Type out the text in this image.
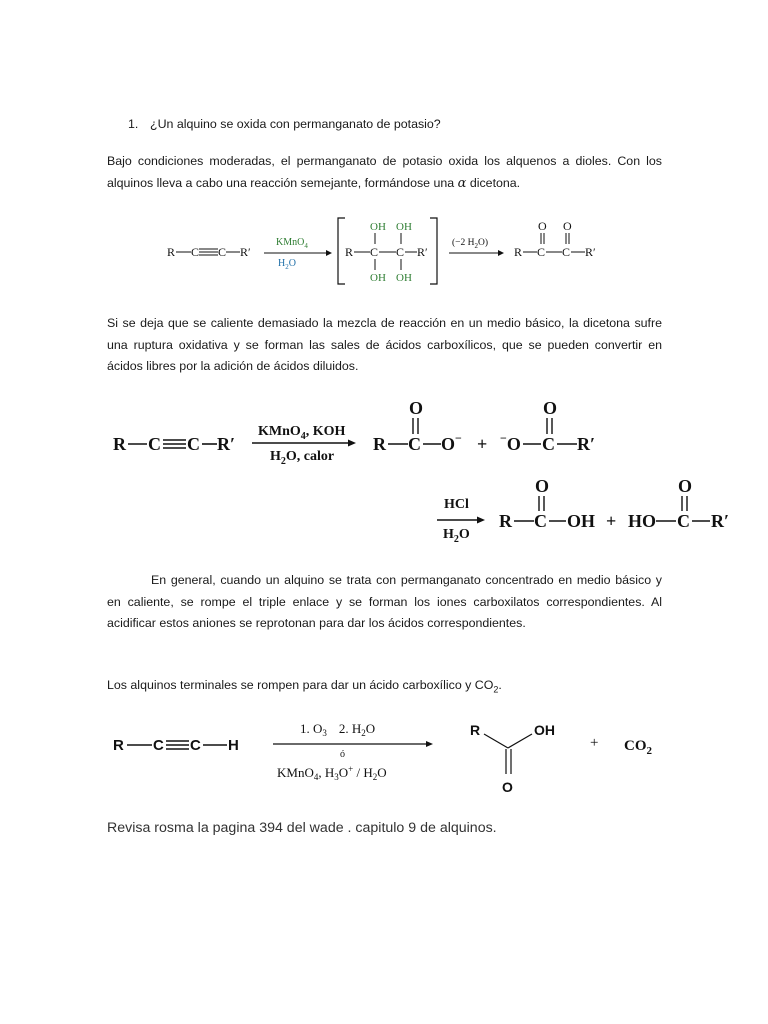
1. ¿Un alquino se oxida con permanganato de potasio?
Bajo condiciones moderadas, el permanganato de potasio oxida los alquenos a dioles. Con los alquinos lleva a cabo una reacción semejante, formándose una α dicetona.
Si se deja que se caliente demasiado la mezcla de reacción en un medio básico, la dicetona sufre una ruptura oxidativa y se forman las sales de ácidos carboxílicos, que se pueden convertir en ácidos libres por la adición de ácidos diluidos.
En general, cuando un alquino se trata con permanganato concentrado en medio básico y en caliente, se rompe el triple enlace y se forman los iones carboxilatos correspondientes. Al acidificar estos aniones se reprotonan para dar los ácidos correspondientes.
Los alquinos terminales se rompen para dar un ácido carboxílico y $CO_2$.
Revisa rosma la pagina 394 del wade . capitulo 9 de alquinos.
R C C R′
KMnO$_4$
$H_2O$
OH OH
R C C R′
OH OH
(−2 $H_2O$)
O O
R C C R′
R C C R′
KMnO$_4$, KOH
$H_2O$, calor
O
R C O− + −O
O
C R′
HCl
$H_2O$
O
R C OH + HO
O
C R′
R C C H
1. $O_3$ 2. $H_2O$
ó
KMnO$_4$, $H_3O^+ / H_2O$
R	OH
O
+ $CO_2$
